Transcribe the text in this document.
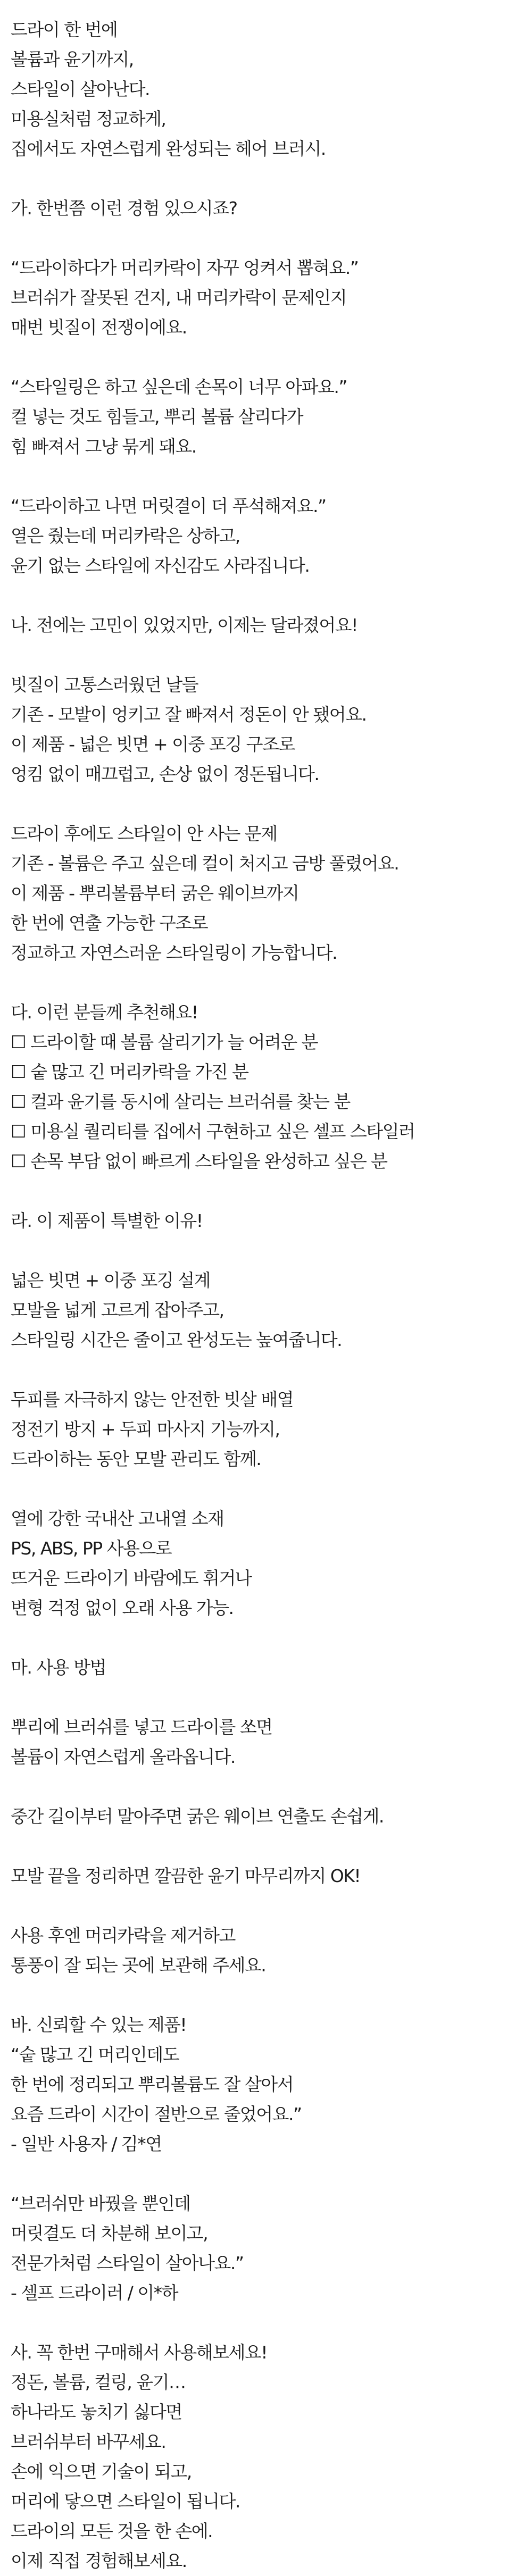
드라이 한 번에
볼륨과 윤기까지,
스타일이 살아난다.
미용실처럼 정교하게,
집에서도 자연스럽게 완성되는 헤어 브러시.
가. 한번쯤 이런 경험 있으시죠?
“드라이하다가 머리카락이 자꾸 엉켜서 뽑혀요.”
브러쉬가 잘못된 건지, 내 머리카락이 문제인지
매번 빗질이 전쟁이에요.
“스타일링은 하고 싶은데 손목이 너무 아파요.”
컬 넣는 것도 힘들고, 뿌리 볼륨 살리다가
힘 빠져서 그냥 묶게 돼요.
“드라이하고 나면 머릿결이 더 푸석해져요.”
열은 줬는데 머리카락은 상하고,
윤기 없는 스타일에 자신감도 사라집니다.
나. 전에는 고민이 있었지만, 이제는 달라졌어요!
빗질이 고통스러웠던 날들
기존 - 모발이 엉키고 잘 빠져서 정돈이 안 됐어요.
이 제품 - 넓은 빗면 + 이중 포깅 구조로
엉킴 없이 매끄럽고, 손상 없이 정돈됩니다.
드라이 후에도 스타일이 안 사는 문제
기존 - 볼륨은 주고 싶은데 컬이 처지고 금방 풀렸어요.
이 제품 - 뿌리볼륨부터 굵은 웨이브까지
한 번에 연출 가능한 구조로
정교하고 자연스러운 스타일링이 가능합니다.
다. 이런 분들께 추천해요!
☐ 드라이할 때 볼륨 살리기가 늘 어려운 분
☐ 숱 많고 긴 머리카락을 가진 분
☐ 컬과 윤기를 동시에 살리는 브러쉬를 찾는 분
☐ 미용실 퀄리티를 집에서 구현하고 싶은 셀프 스타일러
☐ 손목 부담 없이 빠르게 스타일을 완성하고 싶은 분
라. 이 제품이 특별한 이유!
넓은 빗면 + 이중 포깅 설계
모발을 넓게 고르게 잡아주고,
스타일링 시간은 줄이고 완성도는 높여줍니다.
두피를 자극하지 않는 안전한 빗살 배열
정전기 방지 + 두피 마사지 기능까지,
드라이하는 동안 모발 관리도 함께.
열에 강한 국내산 고내열 소재
PS, ABS, PP 사용으로
뜨거운 드라이기 바람에도 휘거나
변형 걱정 없이 오래 사용 가능.
마. 사용 방법
뿌리에 브러쉬를 넣고 드라이를 쏘면
볼륨이 자연스럽게 올라옵니다.
중간 길이부터 말아주면 굵은 웨이브 연출도 손쉽게.
모발 끝을 정리하면 깔끔한 윤기 마무리까지 OK!
사용 후엔 머리카락을 제거하고
통풍이 잘 되는 곳에 보관해 주세요.
바. 신뢰할 수 있는 제품!
“숱 많고 긴 머리인데도
한 번에 정리되고 뿌리볼륨도 잘 살아서
요즘 드라이 시간이 절반으로 줄었어요.”
- 일반 사용자 / 김*연
“브러쉬만 바꿨을 뿐인데
머릿결도 더 차분해 보이고,
전문가처럼 스타일이 살아나요.”
- 셀프 드라이러 / 이*하
사. 꼭 한번 구매해서 사용해보세요!
정돈, 볼륨, 컬링, 윤기…
하나라도 놓치기 싫다면
브러쉬부터 바꾸세요.
손에 익으면 기술이 되고,
머리에 닿으면 스타일이 됩니다.
드라이의 모든 것을 한 손에.
이제 직접 경험해보세요.
